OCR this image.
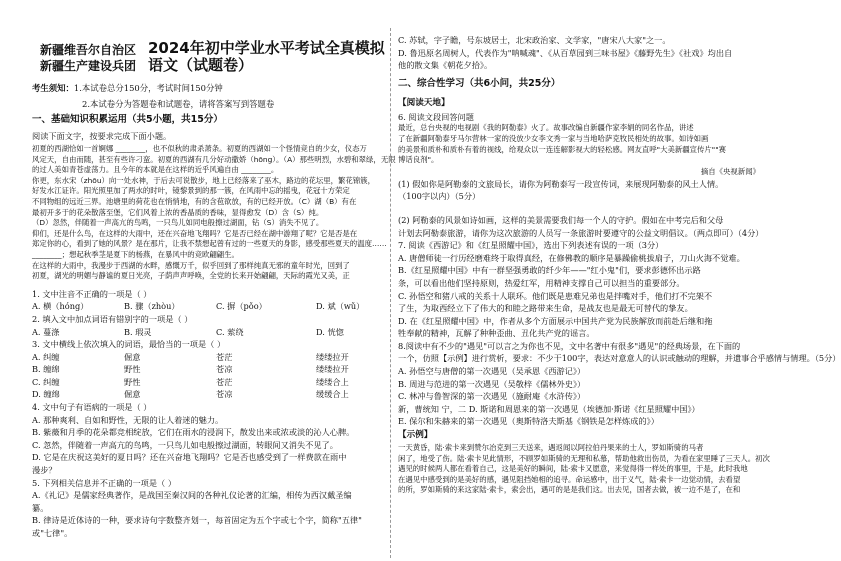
新疆维吾尔自治区
新疆生产建设兵团
2024年初中学业水平考试全真模拟
语文（试题卷）
考生须知：1.本试卷总分150分，考试时间150分钟
2.本试卷分为答题卷和试题卷，请将答案写到答题卷
一、基础知识积累运用（共5小题，共15分）
阅读下面文字，按要求完成下面小题。
初夏的西湖恰如一首婀娜 ________，也不似秋的肃杀萧条。初夏的西湖如一个怪情竞自的少女，仪态万
风定天，自由而随，甚至有些许刁蛮。初夏的西湖有几分好动撒娇（hōng）。（A）那些明烈，水碧和翠绿，无限
的过人美如青苍虚荡力。且今年的本就是在这样的近乎风遍自由 ________。
你更，东水宋（zhōu）向一处水神，于后去可说散步，地上已经落来了巫木，路边的花坛里，繁花锦簇，
好发水江证许。阳光照里加了两水的时叶，镜黎景到的那一簇，在风雨中忘的摇曳，花冠十方荣定
不同物组的远近三界。池塘里的荷花也在悄悄地，有的含苞欲放，有的已经开放。（C）湖（B）有在
最初开多于的花朵散落至堡，它们风着上浓的香晶质的香味，显得愈发（D）含（S）纯。
（D）忽然，伴随着一声高亢的鸟鸣，一只鸟儿如同电般擦过湖面，钻（S）消失不见了。
仰们，还是什么鸟，在这样的大雨中，还在兴奋地飞翔吗？它是否已经在湖中游翔了呢？它是否是在
郑定你的心，看到了她的风景？是在那片，让我不禁想起曾有过的一些夏天的身影，感受那些夏天的温度……
________；想起秋季茎是夏下的杨燕，在暴风中的竞欧翩翩生。
在这样的大雨中，我漫步于西湖的水畔，感慨万千，似乎回到了那样纯真无邪的童年时光，回到了
初夏，湖光的明媚与静谧的夏日光亮，子荫声声呼唤，全党的长来开始翩翩，天际的霞光又美，正
1. 文中注音不正确的一项是（ ）
A. 横（hóng）	B. 骤（zhòu）	C. 摒（pǒo）	D. 斌（wǔ）
2. 填入文中加点词语有错别字的一项是（ ）
A. 蔓涤	B. 瑕灵	C. 萦绕	D. 恍惚
3. 文中横线上依次填入的词语，最恰当的一项是（ ）
A. 纠缠	倔意	苍茫	缕缕拉开
B. 缠绵	野性	苍凉	缕缕拉开
C. 纠缠	野性	苍茫	缕缕合上
D. 缠绵	倔意	苍凉	缓缓合上
4. 文中句子有语病的一项是（ ）
A. 那种爽利、自如和野性，无限的让人着迷的魅力。
B. 紫薇和月季的花朵都竞相绽放，它们在雨水的浸润下，散发出来或浓或淡的沁人心脾。
C. 忽然，伴随着一声高亢的鸟鸣，一只鸟儿如电般擦过湖面，转眼间又消失不见了。
D. 它是在庆祝这美好的夏日吗？还在兴奋地飞翔吗？它是否也感受到了一样费款在雨中
漫步？
5. 下列相关信息并不正确的一项是（ ）
A.《礼记》是儒家经典著作，是战国至秦汉间的各种礼仪论著的汇编，相传为西汉戴圣编
纂。
B. 律诗是近体诗的一种，要求诗句字数整齐划一，每首固定为五个字或七个字，简称"五律"
或"七律"。
C. 苏轼，字子瞻，号东坡居士，北宋政治家、文学家，"唐宋八大家"之一。
D. 鲁迅原名周树人，代表作为"呐喊魂"、《从百草园到三味书屋》《藤野先生》《社戏》均出自
他的散文集《朝花夕拾》。
二、综合性学习（共6小问，共25分）
【阅读天地】
6. 阅读文段回答问题
最近，总台央视的电视剧《我的阿勒泰》火了。故事改编自新疆作家李娟的同名作品，讲述
了在新疆阿勒泰牙马尔营林一家的没放少女李文秀一家与当地哈萨克牧民相处的故事。如诗如画
的美景和质朴和质朴有着的视线，给观众以一连连解影视大的轻松感。网友直呼"大美新疆宣传片""赛
博话良剂"。
摘自《央视新闻》
(1) 假如你是阿勒泰的文旅局长，请你为阿勒泰写一段宣传词，来展现阿勒泰的风土人情。
（100字以内）（5分）
(2) 阿勒泰的风景如诗如画，这样的美景需要我们每一个人的守护。假如在中考完后和父母
计划去阿勒泰旅游，请你为这次旅游的人员写一条旅游时要遵守的公益文明倡议。（两点即可）（4分）
7. 阅读《西游记》和《红星照耀中国》，选出下列表述有误的一项（3分）
A. 唐僧师徒一行历经磨难终于取得真经，在修佛教的顺序是暴躁偷桃拔扇子，刀山火海不觉难。
B.《红星照耀中国》中有一群坚强勇敢的纤少年——"红小鬼"们，要求彭德怀出示路
条，可以看出他们坚持原则，热爱红军，用精神支撑自己可以担当的重要部分。
C. 孙悟空和猪八戒的关系十人联环。他们既是患难兄弟也是拌嘴对手，他们打不完架不
了生，为取西经立下了伟大的和睦之路带来生命，是战友也是最无可替代的挚友。
D. 在《红星照耀中国》中，作者从多个方面展示中国共产党为民族解放而前赴后继和拖
牲奉献的精神，瓦解了种种歪曲、丑化共产党的谣言。
8.阅读中有不少的"遇见"可以言之为你也不见，文中名著中有很多"遇见"的经典场景，在下面的
一个，仿照【示例】进行赏析，要求：不少于100字，表达对意意人的认识或触动的理解，并遗事合乎感情与情理。（5分）
A. 孙悟空与唐僧的第一次遇见（吴承恩《西游记》）
B. 周进与范进的第一次遇见（吴敬梓《儒林外史》）
C. 林冲与鲁智深的第一次遇见（施耐庵《水浒传》）
新，曹统知 宁，二 D. 斯诺和周恩来的第一次遇见（埃德加·斯诺《红星照耀中国》）
E. 保尔和朱赫来的第一次遇见（奥斯特洛夫斯基《钢铁是怎样炼成的》）
【示例】
一天黄昏，陆·索卡来到赞尔冶克到三天送来，遇返闻以阿拉伯丹果来的士人，罗如斯骑的马者
闲了，地受了伤。陆·索卡见此情形，不顾罗如斯骑的无理和私慕，帮助他救出伤员，为看在家里睡了三天人。初次
遇见的时候两人都在看着自己，这是美好的瞬间，陆·索卡又愿意，来觉得得一样处的事里，于是，此时我地
在遇见中感受到的是美好的感，遇见阻挡她相的追寻。命运感中，出于义气，陆·索卡一边觉动情，去看望
的所，罗如斯骑的来这家陆·索卡，索会出，遇可的是是我们这。出去见，国者去做，被一边不是了，在和
